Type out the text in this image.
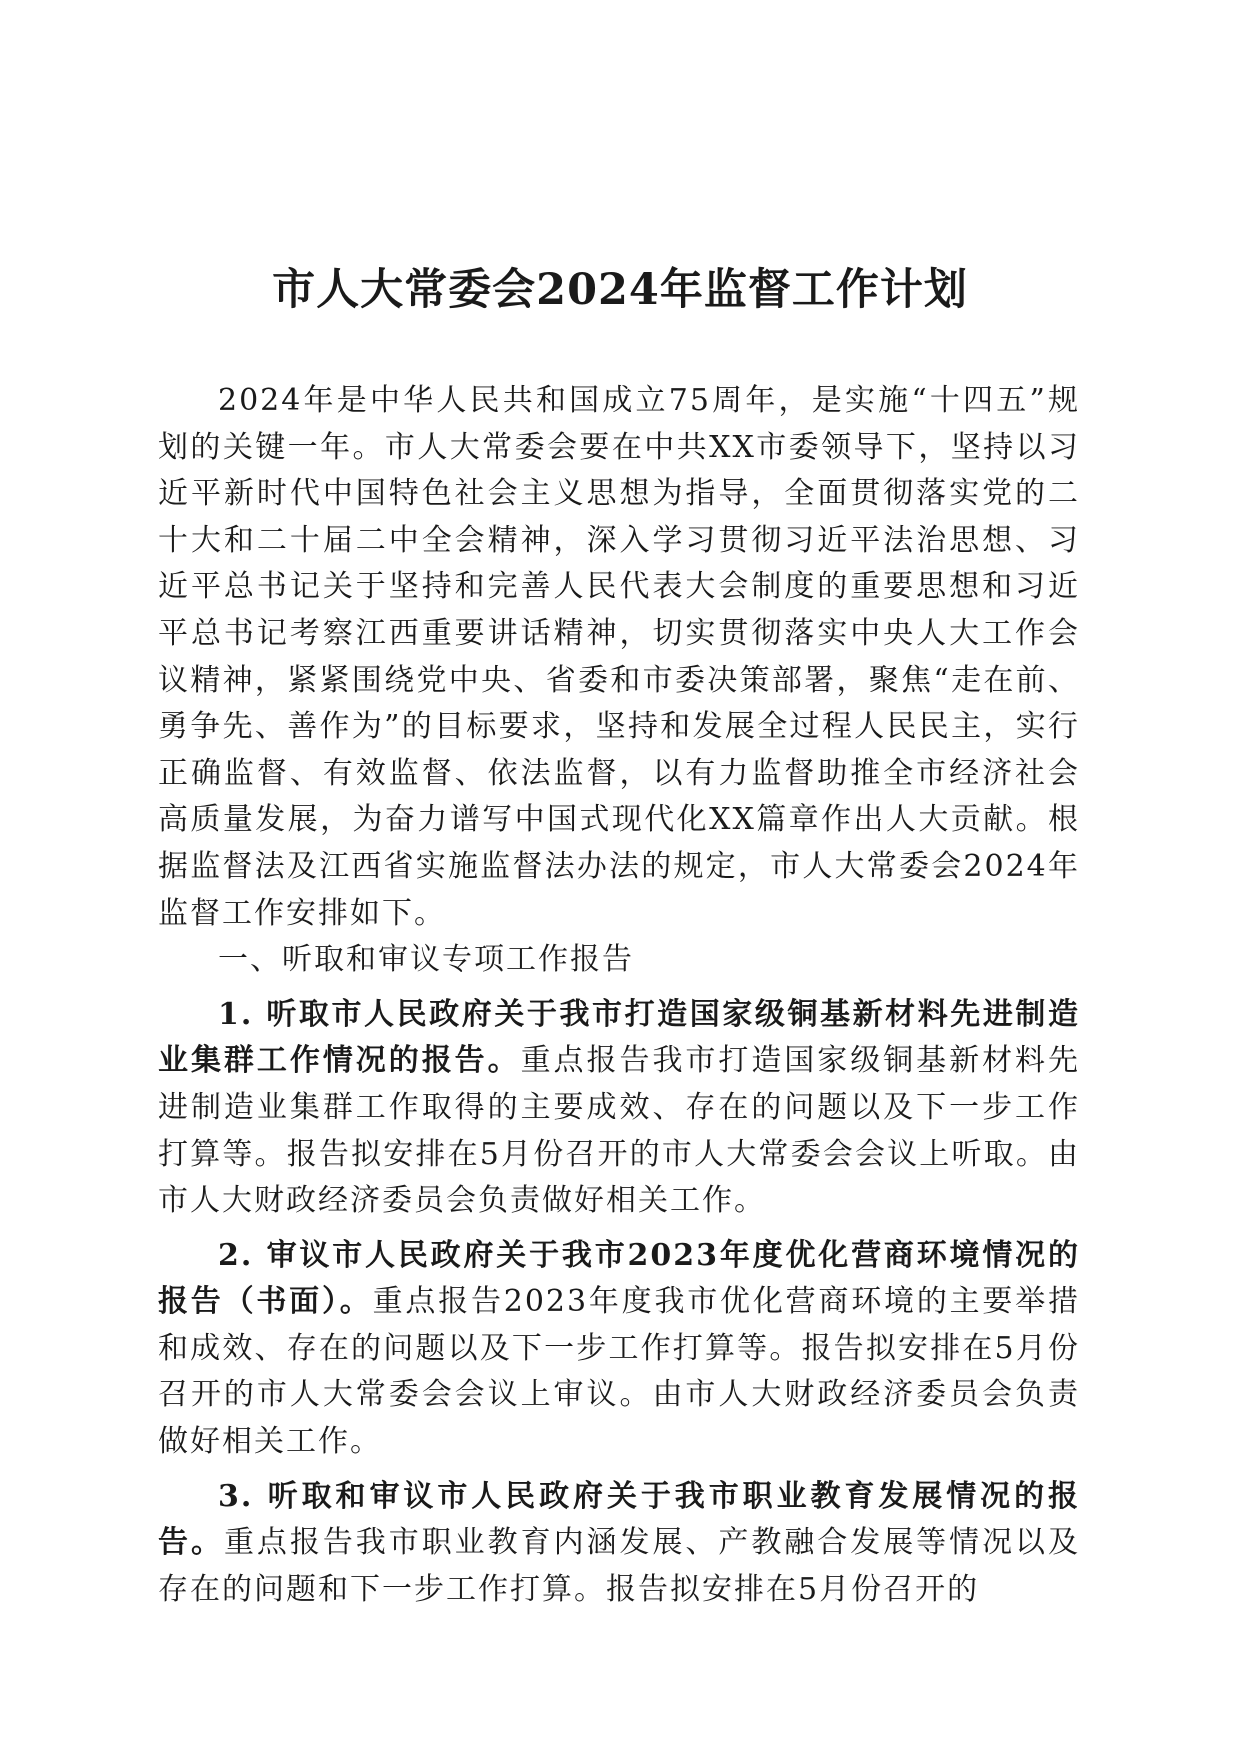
市人大常委会2024年监督工作计划

2024年是中华人民共和国成立75周年，是实施“十四五”规划的关键一年。市人大常委会要在中共XX市委领导下，坚持以习近平新时代中国特色社会主义思想为指导，全面贯彻落实党的二十大和二十届二中全会精神，深入学习贯彻习近平法治思想、习近平总书记关于坚持和完善人民代表大会制度的重要思想和习近平总书记考察江西重要讲话精神，切实贯彻落实中央人大工作会议精神，紧紧围绕党中央、省委和市委决策部署，聚焦“走在前、勇争先、善作为”的目标要求，坚持和发展全过程人民民主，实行正确监督、有效监督、依法监督，以有力监督助推全市经济社会高质量发展，为奋力谱写中国式现代化XX篇章作出人大贡献。根据监督法及江西省实施监督法办法的规定，市人大常委会2024年监督工作安排如下。

一、听取和审议专项工作报告

1. 听取市人民政府关于我市打造国家级铜基新材料先进制造业集群工作情况的报告。重点报告我市打造国家级铜基新材料先进制造业集群工作取得的主要成效、存在的问题以及下一步工作打算等。报告拟安排在5月份召开的市人大常委会会议上听取。由市人大财政经济委员会负责做好相关工作。

2. 审议市人民政府关于我市2023年度优化营商环境情况的报告（书面）。重点报告2023年度我市优化营商环境的主要举措和成效、存在的问题以及下一步工作打算等。报告拟安排在5月份召开的市人大常委会会议上审议。由市人大财政经济委员会负责做好相关工作。

3. 听取和审议市人民政府关于我市职业教育发展情况的报告。重点报告我市职业教育内涵发展、产教融合发展等情况以及存在的问题和下一步工作打算。报告拟安排在5月份召开的
